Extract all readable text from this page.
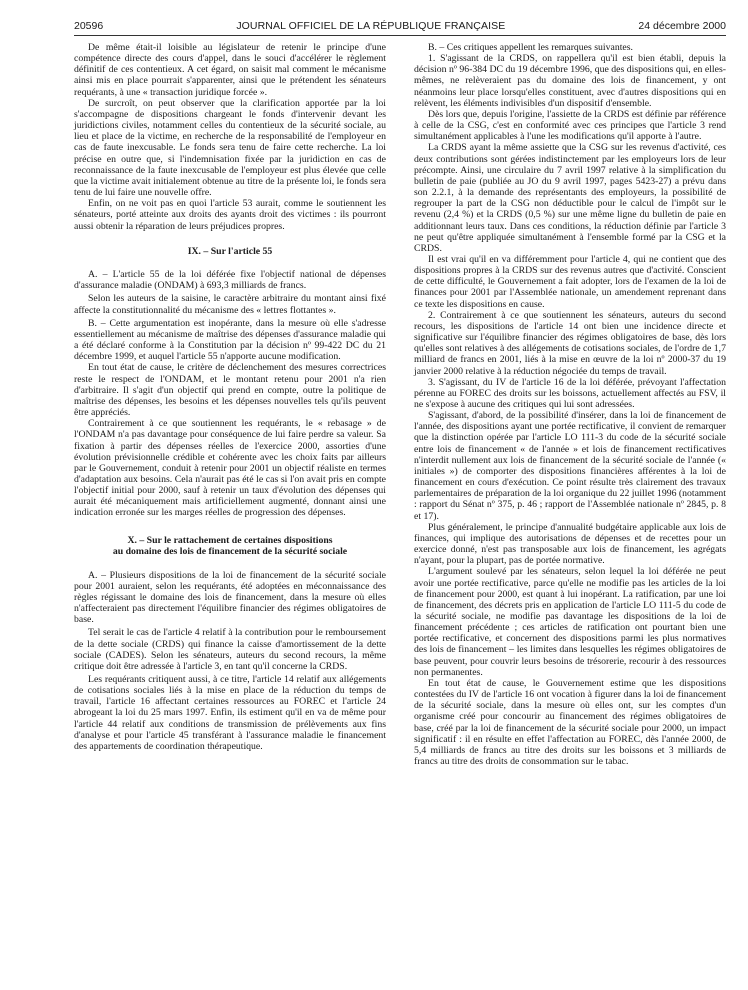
20596	JOURNAL OFFICIEL DE LA RÉPUBLIQUE FRANÇAISE	24 décembre 2000

De même était-il loisible au législateur de retenir le principe d'une compétence directe des cours d'appel, dans le souci d'accélérer le règlement définitif de ces contentieux. A cet égard, on saisit mal comment le mécanisme ainsi mis en place pourrait s'apparenter, ainsi que le prétendent les sénateurs requérants, à une « transaction juridique forcée ».

De surcroît, on peut observer que la clarification apportée par la loi s'accompagne de dispositions chargeant le fonds d'intervenir devant les juridictions civiles, notamment celles du contentieux de la sécurité sociale, au lieu et place de la victime, en recherche de la responsabilité de l'employeur en cas de faute inexcusable. Le fonds sera tenu de faire cette recherche. La loi précise en outre que, si l'indemnisation fixée par la juridiction en cas de reconnaissance de la faute inexcusable de l'employeur est plus élevée que celle que la victime avait initialement obtenue au titre de la présente loi, le fonds sera tenu de lui faire une nouvelle offre.

Enfin, on ne voit pas en quoi l'article 53 aurait, comme le soutiennent les sénateurs, porté atteinte aux droits des ayants droit des victimes : ils pourront aussi obtenir la réparation de leurs préjudices propres.

IX. – Sur l'article 55

A. – L'article 55 de la loi déférée fixe l'objectif national de dépenses d'assurance maladie (ONDAM) à 693,3 milliards de francs.

Selon les auteurs de la saisine, le caractère arbitraire du montant ainsi fixé affecte la constitutionnalité du mécanisme des « lettres flottantes ».

B. – Cette argumentation est inopérante, dans la mesure où elle s'adresse essentiellement au mécanisme de maîtrise des dépenses d'assurance maladie qui a été déclaré conforme à la Constitution par la décision nº 99-422 DC du 21 décembre 1999, et auquel l'article 55 n'apporte aucune modification.

En tout état de cause, le critère de déclenchement des mesures correctrices reste le respect de l'ONDAM, et le montant retenu pour 2001 n'a rien d'arbitraire. Il s'agit d'un objectif qui prend en compte, outre la politique de maîtrise des dépenses, les besoins et les dépenses nouvelles tels qu'ils peuvent être appréciés.

Contrairement à ce que soutiennent les requérants, le « rebasage » de l'ONDAM n'a pas davantage pour conséquence de lui faire perdre sa valeur. Sa fixation à partir des dépenses réelles de l'exercice 2000, assorties d'une évolution prévisionnelle crédible et cohérente avec les choix faits par ailleurs par le Gouvernement, conduit à retenir pour 2001 un objectif réaliste en termes d'adaptation aux besoins. Cela n'aurait pas été le cas si l'on avait pris en compte l'objectif initial pour 2000, sauf à retenir un taux d'évolution des dépenses qui aurait été mécaniquement mais artificiellement augmenté, donnant ainsi une indication erronée sur les marges réelles de progression des dépenses.

X. – Sur le rattachement de certaines dispositions
au domaine des lois de financement de la sécurité sociale

A. – Plusieurs dispositions de la loi de financement de la sécurité sociale pour 2001 auraient, selon les requérants, été adoptées en méconnaissance des règles régissant le domaine des lois de financement, dans la mesure où elles n'affecteraient pas directement l'équilibre financier des régimes obligatoires de base.

Tel serait le cas de l'article 4 relatif à la contribution pour le remboursement de la dette sociale (CRDS) qui finance la caisse d'amortissement de la dette sociale (CADES). Selon les sénateurs, auteurs du second recours, la même critique doit être adressée à l'article 3, en tant qu'il concerne la CRDS.

Les requérants critiquent aussi, à ce titre, l'article 14 relatif aux allégements de cotisations sociales liés à la mise en place de la réduction du temps de travail, l'article 16 affectant certaines ressources au FOREC et l'article 24 abrogeant la loi du 25 mars 1997. Enfin, ils estiment qu'il en va de même pour l'article 44 relatif aux conditions de transmission de prélèvements aux fins d'analyse et pour l'article 45 transférant à l'assurance maladie le financement des appartements de coordination thérapeutique.

B. – Ces critiques appellent les remarques suivantes.

1. S'agissant de la CRDS, on rappellera qu'il est bien établi, depuis la décision nº 96-384 DC du 19 décembre 1996, que des dispositions qui, en elles-mêmes, ne relèveraient pas du domaine des lois de financement, y ont néanmoins leur place lorsqu'elles constituent, avec d'autres dispositions qui en relèvent, les éléments indivisibles d'un dispositif d'ensemble.

Dès lors que, depuis l'origine, l'assiette de la CRDS est définie par référence à celle de la CSG, c'est en conformité avec ces principes que l'article 3 rend simultanément applicables à l'une les modifications qu'il apporte à l'autre.

La CRDS ayant la même assiette que la CSG sur les revenus d'activité, ces deux contributions sont gérées indistinctement par les employeurs lors de leur précompte. Ainsi, une circulaire du 7 avril 1997 relative à la simplification du bulletin de paie (publiée au JO du 9 avril 1997, pages 5423-27) a prévu dans son 2.2.1, à la demande des représentants des employeurs, la possibilité de regrouper la part de la CSG non déductible pour le calcul de l'impôt sur le revenu (2,4 %) et la CRDS (0,5 %) sur une même ligne du bulletin de paie en additionnant leurs taux. Dans ces conditions, la réduction définie par l'article 3 ne peut qu'être appliquée simultanément à l'ensemble formé par la CSG et la CRDS.

Il est vrai qu'il en va différemment pour l'article 4, qui ne contient que des dispositions propres à la CRDS sur des revenus autres que d'activité. Conscient de cette difficulté, le Gouvernement a fait adopter, lors de l'examen de la loi de finances pour 2001 par l'Assemblée nationale, un amendement reprenant dans ce texte les dispositions en cause.

2. Contrairement à ce que soutiennent les sénateurs, auteurs du second recours, les dispositions de l'article 14 ont bien une incidence directe et significative sur l'équilibre financier des régimes obligatoires de base, dès lors qu'elles sont relatives à des allégements de cotisations sociales, de l'ordre de 1,7 milliard de francs en 2001, liés à la mise en œuvre de la loi nº 2000-37 du 19 janvier 2000 relative à la réduction négociée du temps de travail.

3. S'agissant, du IV de l'article 16 de la loi déférée, prévoyant l'affectation pérenne au FOREC des droits sur les boissons, actuellement affectés au FSV, il ne s'expose à aucune des critiques qui lui sont adressées.

S'agissant, d'abord, de la possibilité d'insérer, dans la loi de financement de l'année, des dispositions ayant une portée rectificative, il convient de remarquer que la distinction opérée par l'article LO 111-3 du code de la sécurité sociale entre lois de financement « de l'année » et lois de financement rectificatives n'interdit nullement aux lois de financement de la sécurité sociale de l'année (« initiales ») de comporter des dispositions financières afférentes à la loi de financement en cours d'exécution. Ce point résulte très clairement des travaux parlementaires de préparation de la loi organique du 22 juillet 1996 (notamment : rapport du Sénat nº 375, p. 46 ; rapport de l'Assemblée nationale nº 2845, p. 8 et 17).

Plus généralement, le principe d'annualité budgétaire applicable aux lois de finances, qui implique des autorisations de dépenses et de recettes pour un exercice donné, n'est pas transposable aux lois de financement, les agrégats n'ayant, pour la plupart, pas de portée normative.

L'argument soulevé par les sénateurs, selon lequel la loi déférée ne peut avoir une portée rectificative, parce qu'elle ne modifie pas les articles de la loi de financement pour 2000, est quant à lui inopérant. La ratification, par une loi de financement, des décrets pris en application de l'article LO 111-5 du code de la sécurité sociale, ne modifie pas davantage les dispositions de la loi de financement précédente ; ces articles de ratification ont pourtant bien une portée rectificative, et concernent des dispositions parmi les plus normatives des lois de financement – les limites dans lesquelles les régimes obligatoires de base peuvent, pour couvrir leurs besoins de trésorerie, recourir à des ressources non permanentes.

En tout état de cause, le Gouvernement estime que les dispositions contestées du IV de l'article 16 ont vocation à figurer dans la loi de financement de la sécurité sociale, dans la mesure où elles ont, sur les comptes d'un organisme créé pour concourir au financement des régimes obligatoires de base, créé par la loi de financement de la sécurité sociale pour 2000, un impact significatif : il en résulte en effet l'affectation au FOREC, dès l'année 2000, de 5,4 milliards de francs au titre des droits sur les boissons et 3 milliards de francs au titre des droits de consommation sur le tabac.
